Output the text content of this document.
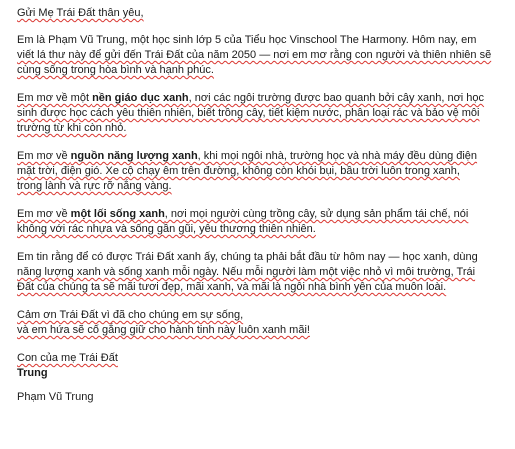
Gửi Mẹ Trái Đất thân yêu,

Em là Phạm Vũ Trung, một học sinh lớp 5 của Tiểu học Vinschool The Harmony. Hôm nay, em
viết lá thư này để gửi đến Trái Đất của năm 2050 — nơi em mơ rằng con người và thiên nhiên sẽ
cùng sống trong hòa bình và hạnh phúc.

Em mơ về một nền giáo dục xanh, nơi các ngôi trường được bao quanh bởi cây xanh, nơi học
sinh được học cách yêu thiên nhiên, biết trồng cây, tiết kiệm nước, phân loại rác và bảo vệ môi
trường từ khi còn nhỏ.

Em mơ về nguồn năng lượng xanh, khi mọi ngôi nhà, trường học và nhà máy đều dùng điện
mặt trời, điện gió. Xe cộ chạy êm trên đường, không còn khói bụi, bầu trời luôn trong xanh,
trong lành và rực rỡ nắng vàng.

Em mơ về một lối sống xanh, nơi mọi người cùng trồng cây, sử dụng sản phẩm tái chế, nói
không với rác nhựa và sống gần gũi, yêu thương thiên nhiên.

Em tin rằng để có được Trái Đất xanh ấy, chúng ta phải bắt đầu từ hôm nay — học xanh, dùng
năng lượng xanh và sống xanh mỗi ngày. Nếu mỗi người làm một việc nhỏ vì môi trường, Trái
Đất của chúng ta sẽ mãi tươi đẹp, mãi xanh, và mãi là ngôi nhà bình yên của muôn loài.

Cảm ơn Trái Đất vì đã cho chúng em sự sống,
và em hứa sẽ cố gắng giữ cho hành tinh này luôn xanh mãi!

Con của mẹ Trái Đất
Trung

Phạm Vũ Trung
